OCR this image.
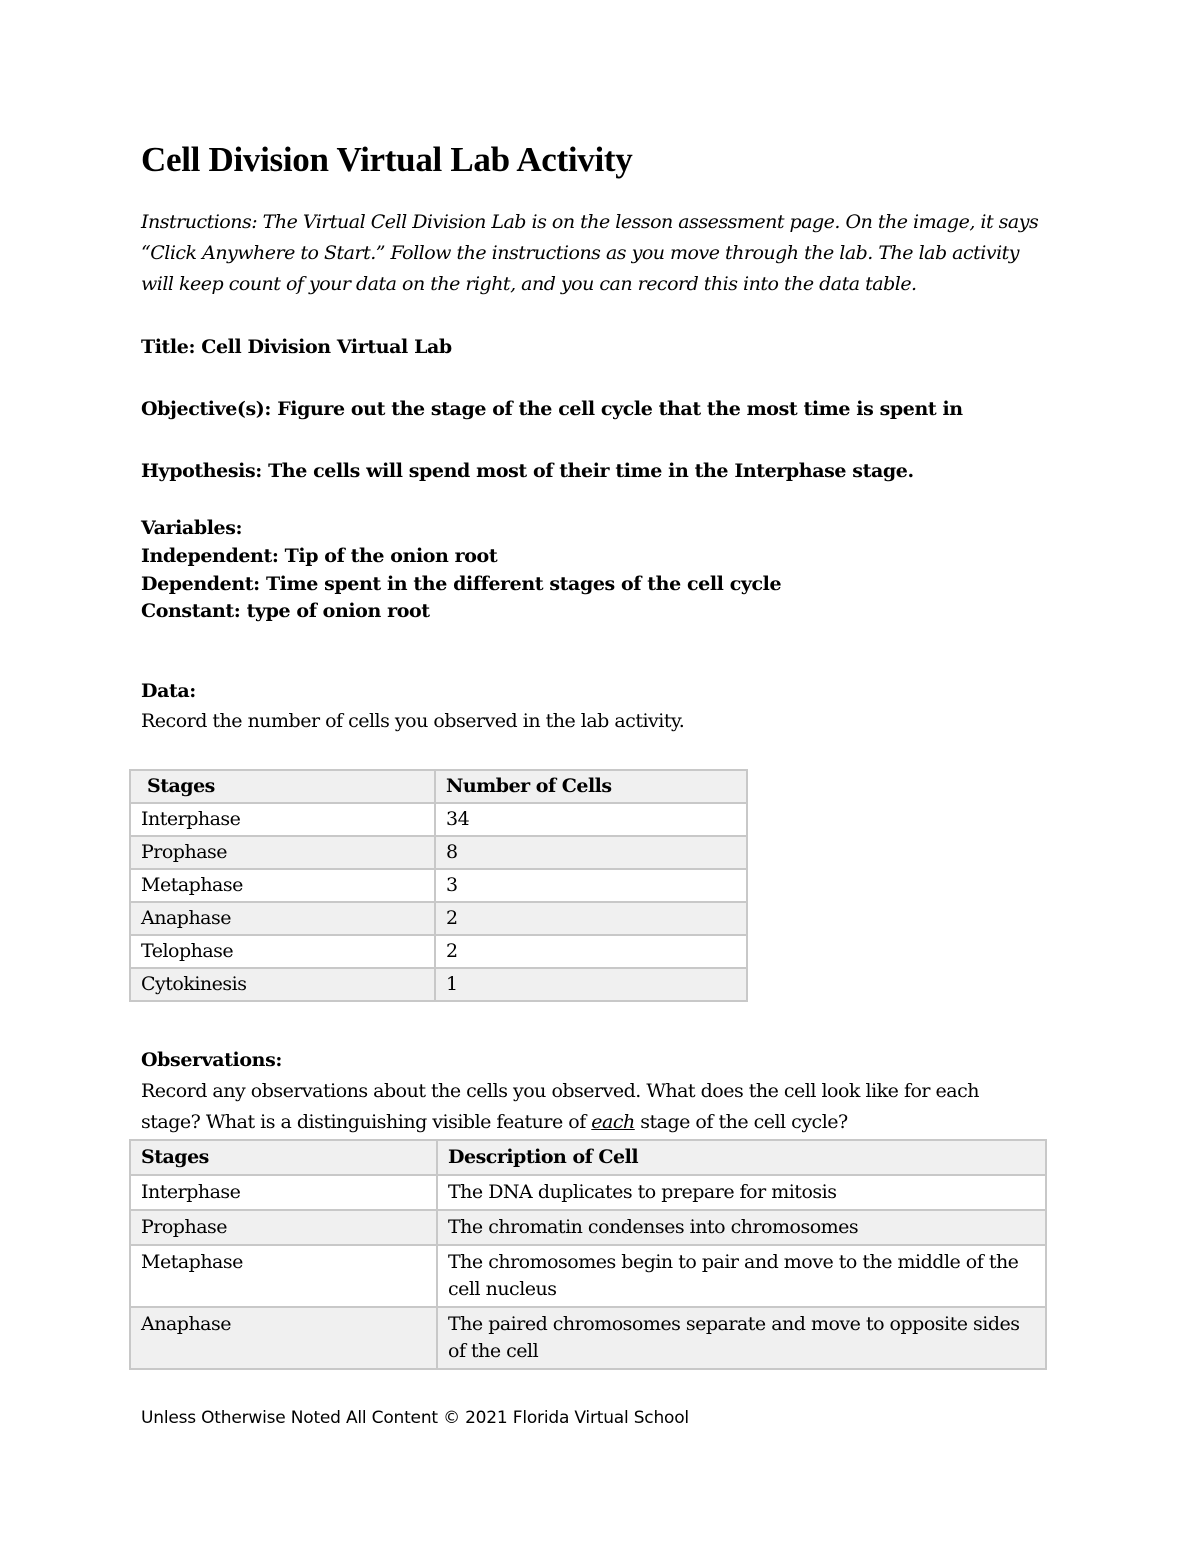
Cell Division Virtual Lab Activity

Instructions: The Virtual Cell Division Lab is on the lesson assessment page. On the image, it says “Click Anywhere to Start.” Follow the instructions as you move through the lab. The lab activity will keep count of your data on the right, and you can record this into the data table.

Title: Cell Division Virtual Lab

Objective(s): Figure out the stage of the cell cycle that the most time is spent in

Hypothesis: The cells will spend most of their time in the Interphase stage.

Variables:

Independent: Tip of the onion root

Dependent: Time spent in the different stages of the cell cycle

Constant: type of onion root

Data:

Record the number of cells you observed in the lab activity.

Stages	Number of Cells
Interphase	34
Prophase	8
Metaphase	3
Anaphase	2
Telophase	2
Cytokinesis	1

Observations:

Record any observations about the cells you observed. What does the cell look like for each stage? What is a distinguishing visible feature of each stage of the cell cycle?

Stages	Description of Cell
Interphase	The DNA duplicates to prepare for mitosis
Prophase	The chromatin condenses into chromosomes
Metaphase	The chromosomes begin to pair and move to the middle of the cell nucleus
Anaphase	The paired chromosomes separate and move to opposite sides of the cell

Unless Otherwise Noted All Content © 2021 Florida Virtual School
